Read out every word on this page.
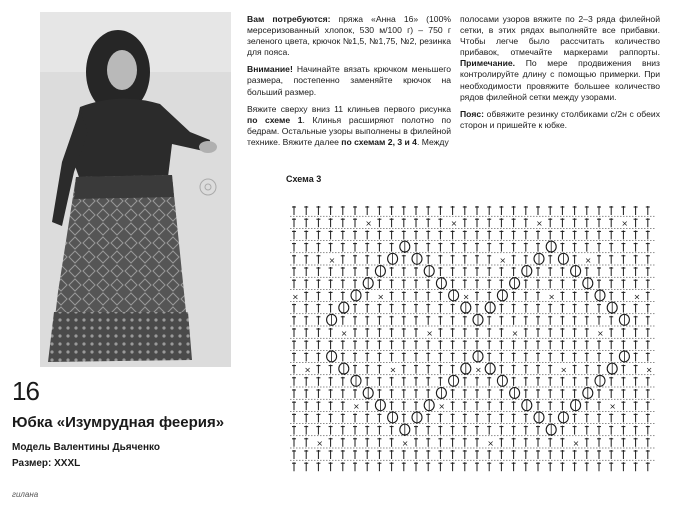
16
Юбка «Изумрудная феерия»
Модель Валентины Дьяченко
Размер: XXXL
гилана

Вам потребуются: пряжа «Анна 16» (100% мерсеризованный хлопок, 530 м/100 г) – 750 г зеленого цвета, крючок №1,5, №1,75, №2, резинка для пояса.

Внимание! Начинайте вязать крючком меньшего размера, постепенно заменяйте крючок на больший размер.

Вяжите сверху вниз 11 клиньев первого рисунка по схеме 1. Клинья расширяют полотно по бедрам. Остальные узоры выполнены в филейной технике. Вяжите далее по схемам 2, 3 и 4. Между

полосами узоров вяжите по 2–3 ряда филейной сетки, в этих рядах выполняйте все прибавки. Чтобы легче было рассчитать количество прибавок, отмечайте маркерами раппорты. Примечание. По мере продвижения вниз контролируйте длину с помощью примерки. При необходимости провяжите большее количество рядов филейной сетки между узорами.

Пояс: обвяжите резинку столбиками с/2н с обеих сторон и пришейте к юбке.

Схема 3
×	×	×	×
×	×	×
×	×	×	×	×
×	×	×	×
×	×	×	×	×
×	×	×
×	×	×	×
